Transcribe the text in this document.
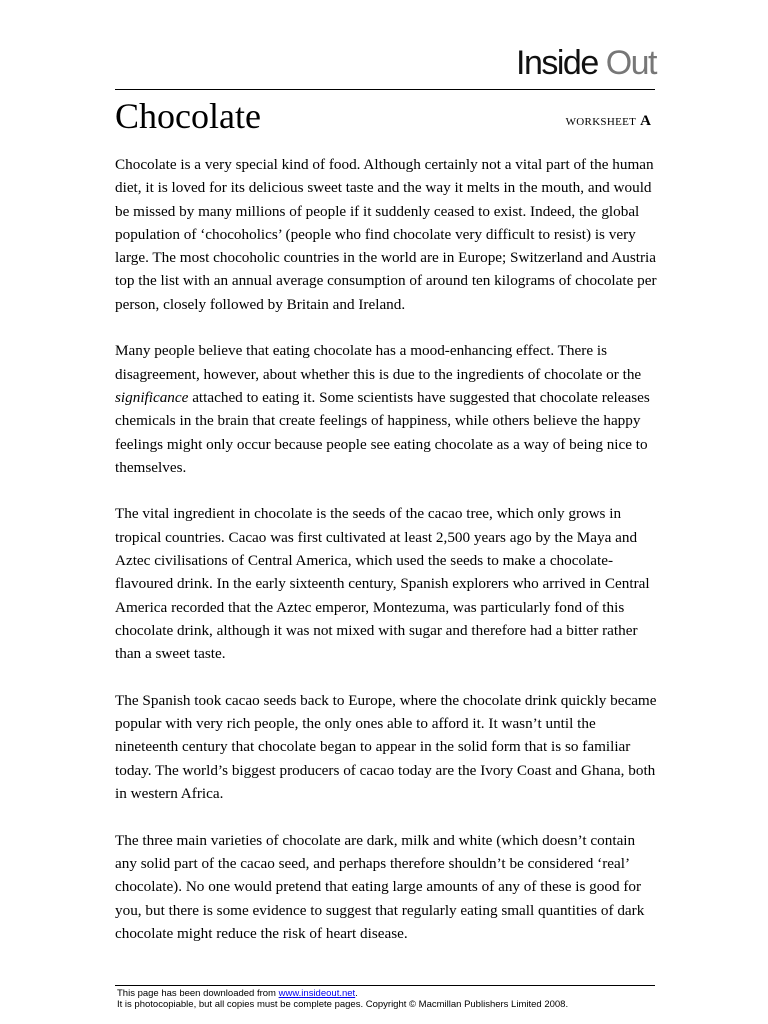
Inside Out
Chocolate	WORKSHEET A

Chocolate is a very special kind of food. Although certainly not a vital part of the human diet, it is loved for its delicious sweet taste and the way it melts in the mouth, and would be missed by many millions of people if it suddenly ceased to exist. Indeed, the global population of ‘chocoholics’ (people who find chocolate very difficult to resist) is very large. The most chocoholic countries in the world are in Europe; Switzerland and Austria top the list with an annual average consumption of around ten kilograms of chocolate per person, closely followed by Britain and Ireland.

Many people believe that eating chocolate has a mood-enhancing effect. There is disagreement, however, about whether this is due to the ingredients of chocolate or the significance attached to eating it. Some scientists have suggested that chocolate releases chemicals in the brain that create feelings of happiness, while others believe the happy feelings might only occur because people see eating chocolate as a way of being nice to themselves.

The vital ingredient in chocolate is the seeds of the cacao tree, which only grows in tropical countries. Cacao was first cultivated at least 2,500 years ago by the Maya and Aztec civilisations of Central America, which used the seeds to make a chocolate-flavoured drink. In the early sixteenth century, Spanish explorers who arrived in Central America recorded that the Aztec emperor, Montezuma, was particularly fond of this chocolate drink, although it was not mixed with sugar and therefore had a bitter rather than a sweet taste.

The Spanish took cacao seeds back to Europe, where the chocolate drink quickly became popular with very rich people, the only ones able to afford it. It wasn’t until the nineteenth century that chocolate began to appear in the solid form that is so familiar today. The world’s biggest producers of cacao today are the Ivory Coast and Ghana, both in western Africa.

The three main varieties of chocolate are dark, milk and white (which doesn’t contain any solid part of the cacao seed, and perhaps therefore shouldn’t be considered ‘real’ chocolate). No one would pretend that eating large amounts of any of these is good for you, but there is some evidence to suggest that regularly eating small quantities of dark chocolate might reduce the risk of heart disease.

This page has been downloaded from www.insideout.net.
It is photocopiable, but all copies must be complete pages. Copyright © Macmillan Publishers Limited 2008.
